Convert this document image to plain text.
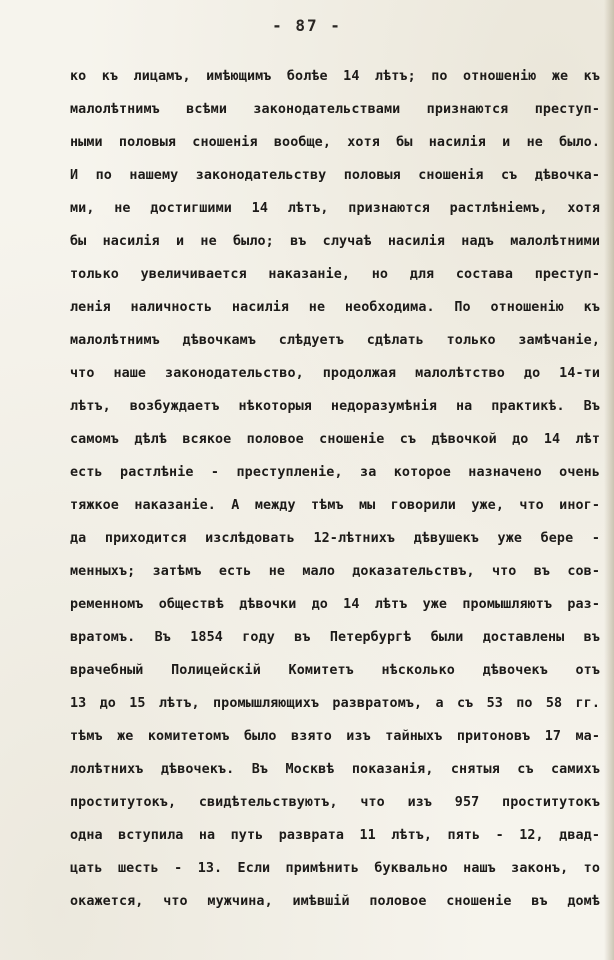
- 87 -
ко къ лицамъ, имѣющимъ болѣе 14 лѣтъ; по отношенію же къ
малолѣтнимъ всѣми законодательствами признаются преступ-
ными половыя сношенія вообще, хотя бы насилія и не было.
И по нашему законодательству половыя сношенія съ дѣвочка-
ми, не достигшими 14 лѣтъ, признаются растлѣніемъ, хотя
бы насилія и не было; въ случаѣ насилія надъ малолѣтними
только увеличивается наказаніе, но для состава преступ-
ленія наличность насилія не необходима. По отношенію къ
малолѣтнимъ дѣвочкамъ слѣдуетъ сдѣлать только замѣчаніе,
что наше законодательство, продолжая малолѣтство до 14-ти
лѣтъ, возбуждаетъ нѣкоторыя недоразумѣнія на практикѣ. Въ
самомъ дѣлѣ всякое половое сношеніе съ дѣвочкой до 14 лѣт
есть растлѣніе - преступленіе, за которое назначено очень
тяжкое наказаніе. А между тѣмъ мы говорили уже, что иног-
да приходится изслѣдовать 12-лѣтнихъ дѣвушекъ уже бере -
менныхъ; затѣмъ есть не мало доказательствъ, что въ сов-
ременномъ обществѣ дѣвочки до 14 лѣтъ уже промышляютъ раз-
вратомъ. Въ 1854 году въ Петербургѣ были доставлены въ
врачебный Полицейскій Комитетъ нѣсколько дѣвочекъ отъ
13 до 15 лѣтъ, промышляющихъ развратомъ, а съ 53 по 58 гг.
тѣмъ же комитетомъ было взято изъ тайныхъ притоновъ 17 ма-
лолѣтнихъ дѣвочекъ. Въ Москвѣ показанія, снятыя съ самихъ
проститутокъ, свидѣтельствуютъ, что изъ 957 проститутокъ
одна вступила на путь разврата 11 лѣтъ, пять - 12, двад-
цать шесть - 13. Если примѣнить буквально нашъ законъ, то
окажется, что мужчина, имѣвшій половое сношеніе въ домѣ
